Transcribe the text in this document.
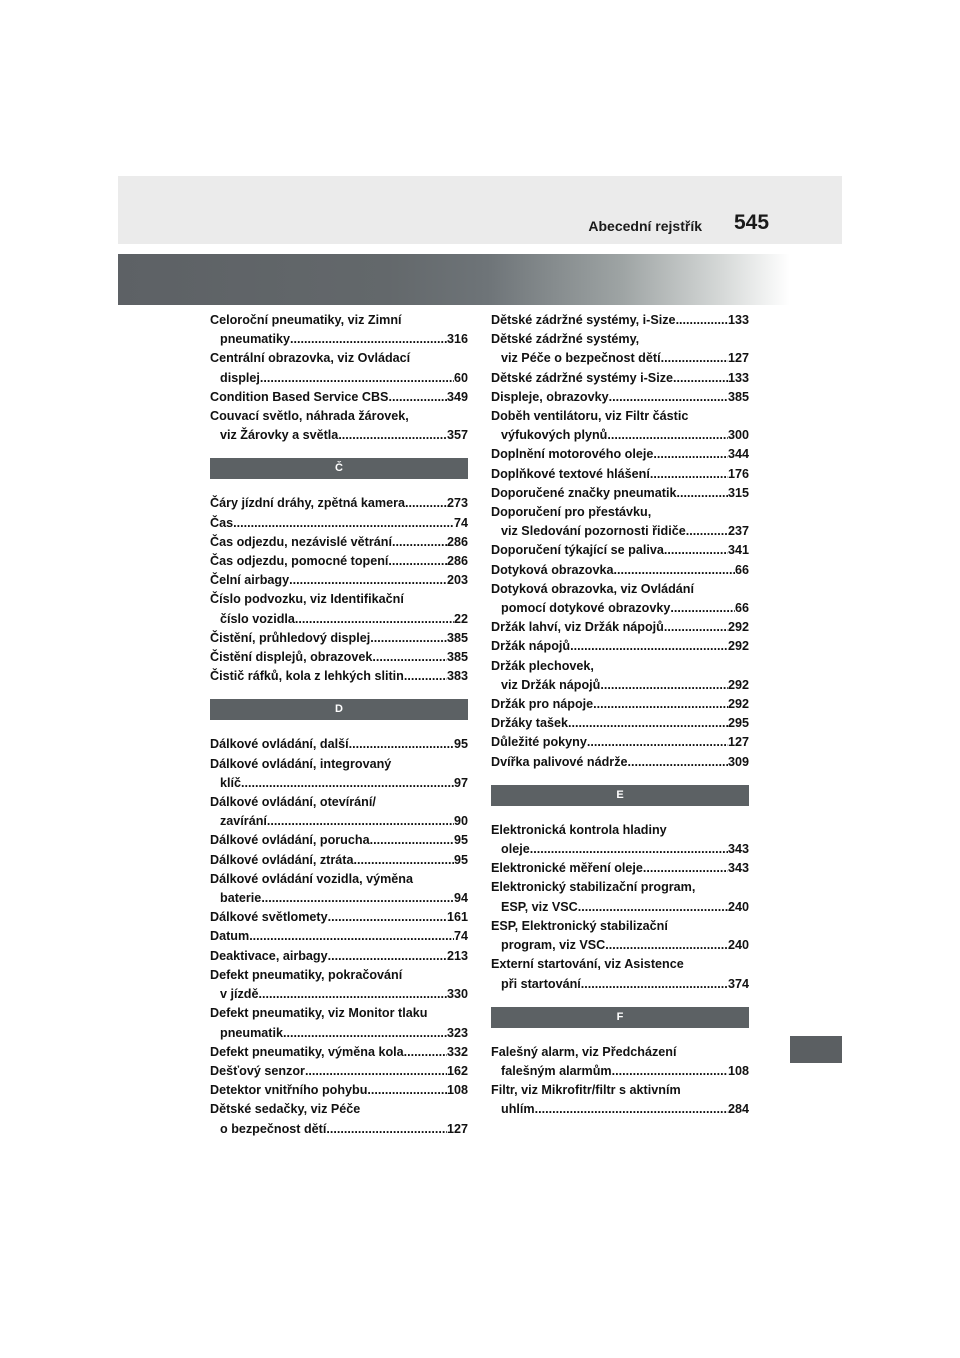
Abecední rejstřík 545
Celoroční pneumatiky, viz Zimní
pneumatiky .....	316
Centrální obrazovka, viz Ovládací
displej .....	60
Condition Based Service CBS .....	349
Couvací světlo, náhrada žárovek,
viz Žárovky a světla .....	357
Č
Čáry jízdní dráhy, zpětná kamera .....	273
Čas .....	74
Čas odjezdu, nezávislé větrání .....	286
Čas odjezdu, pomocné topení .....	286
Čelní airbagy .....	203
Číslo podvozku, viz Identifikační
číslo vozidla .....	22
Čistění, průhledový displej .....	385
Čistění displejů, obrazovek .....	385
Čistič ráfků, kola z lehkých slitin .....	383
D
Dálkové ovládání, další .....	95
Dálkové ovládání, integrovaný
klíč .....	97
Dálkové ovládání, otevírání/
zavírání .....	90
Dálkové ovládání, porucha .....	95
Dálkové ovládání, ztráta .....	95
Dálkové ovládání vozidla, výměna
baterie .....	94
Dálkové světlomety .....	161
Datum .....	74
Deaktivace, airbagy .....	213
Defekt pneumatiky, pokračování
v jízdě .....	330
Defekt pneumatiky, viz Monitor tlaku
pneumatik .....	323
Defekt pneumatiky, výměna kola .....	332
Dešťový senzor .....	162
Detektor vnitřního pohybu .....	108
Dětské sedačky, viz Péče
o bezpečnost dětí .....	127
Dětské zádržné systémy, i-Size .....	133
Dětské zádržné systémy,
viz Péče o bezpečnost dětí .....	127
Dětské zádržné systémy i-Size .....	133
Displeje, obrazovky .....	385
Doběh ventilátoru, viz Filtr částic
výfukových plynů .....	300
Doplnění motorového oleje .....	344
Doplňkové textové hlášení .....	176
Doporučené značky pneumatik .....	315
Doporučení pro přestávku,
viz Sledování pozornosti řidiče .....	237
Doporučení týkající se paliva .....	341
Dotyková obrazovka .....	66
Dotyková obrazovka, viz Ovládání
pomocí dotykové obrazovky .....	66
Držák lahví, viz Držák nápojů .....	292
Držák nápojů .....	292
Držák plechovek,
viz Držák nápojů .....	292
Držák pro nápoje .....	292
Držáky tašek .....	295
Důležité pokyny .....	127
Dvířka palivové nádrže .....	309
E
Elektronická kontrola hladiny
oleje. .....	343
Elektronické měření oleje .....	343
Elektronický stabilizační program,
ESP, viz VSC .....	240
ESP, Elektronický stabilizační
program, viz VSC .....	240
Externí startování, viz Asistence
při startování .....	374
F
Falešný alarm, viz Předcházení
falešným alarmům .....	108
Filtr, viz Mikrofitr/filtr s aktivním
uhlím .....	284
